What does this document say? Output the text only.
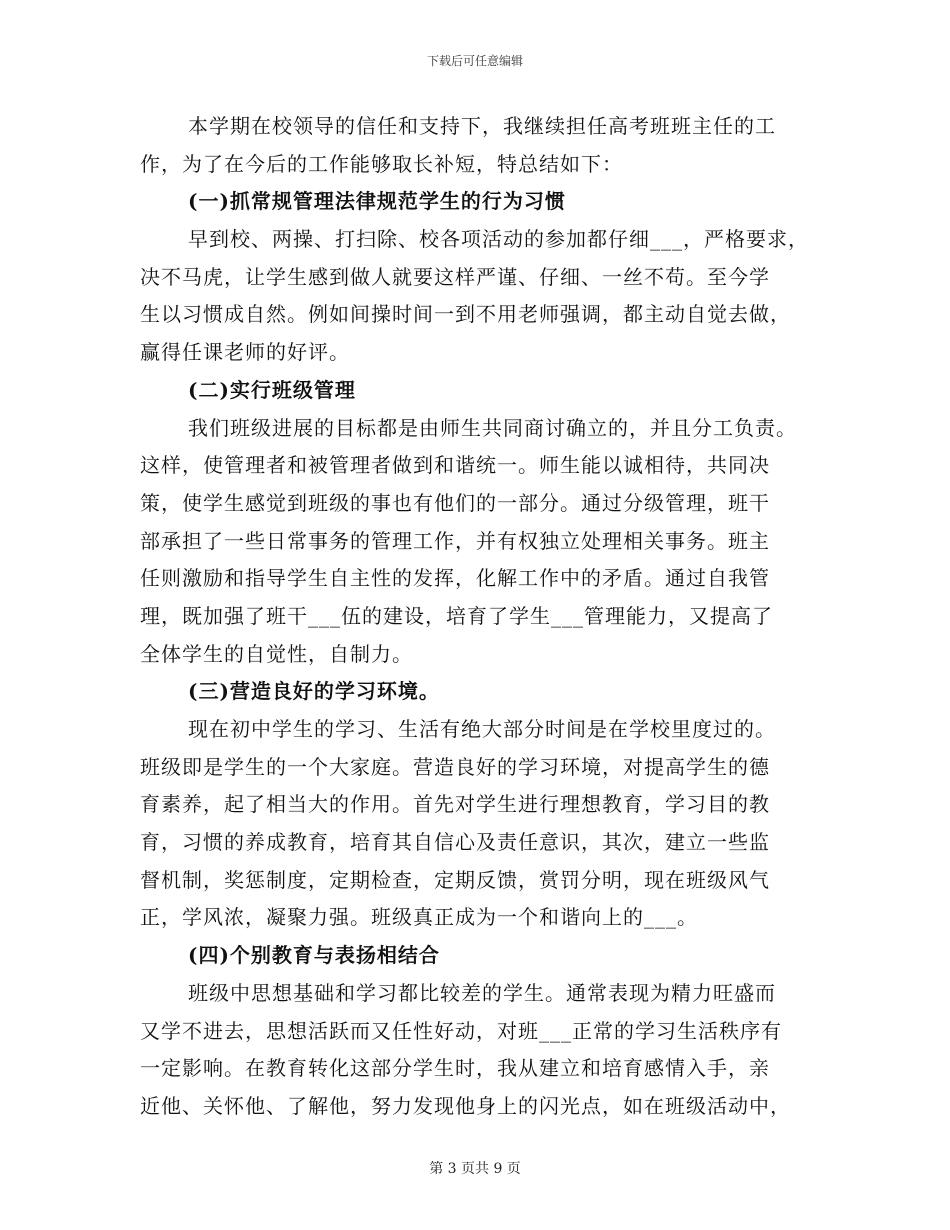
下载后可任意编辑
本学期在校领导的信任和支持下，我继续担任高考班班主任的工
作，为了在今后的工作能够取长补短，特总结如下：
(一)抓常规管理法律规范学生的行为习惯
早到校、两操、打扫除、校各项活动的参加都仔细___，严格要求，
决不马虎，让学生感到做人就要这样严谨、仔细、一丝不苟。至今学
生以习惯成自然。例如间操时间一到不用老师强调，都主动自觉去做，
赢得任课老师的好评。
(二)实行班级管理
我们班级进展的目标都是由师生共同商讨确立的，并且分工负责。
这样，使管理者和被管理者做到和谐统一。师生能以诚相待，共同决
策，使学生感觉到班级的事也有他们的一部分。通过分级管理，班干
部承担了一些日常事务的管理工作，并有权独立处理相关事务。班主
任则激励和指导学生自主性的发挥，化解工作中的矛盾。通过自我管
理，既加强了班干___伍的建设，培育了学生___管理能力，又提高了
全体学生的自觉性，自制力。
(三)营造良好的学习环境。
现在初中学生的学习、生活有绝大部分时间是在学校里度过的。
班级即是学生的一个大家庭。营造良好的学习环境，对提高学生的德
育素养，起了相当大的作用。首先对学生进行理想教育，学习目的教
育，习惯的养成教育，培育其自信心及责任意识，其次，建立一些监
督机制，奖惩制度，定期检查，定期反馈，赏罚分明，现在班级风气
正，学风浓，凝聚力强。班级真正成为一个和谐向上的___。
(四)个别教育与表扬相结合
班级中思想基础和学习都比较差的学生。通常表现为精力旺盛而
又学不进去，思想活跃而又任性好动，对班___正常的学习生活秩序有
一定影响。在教育转化这部分学生时，我从建立和培育感情入手，亲
近他、关怀他、了解他，努力发现他身上的闪光点，如在班级活动中，
第 3 页共 9 页
